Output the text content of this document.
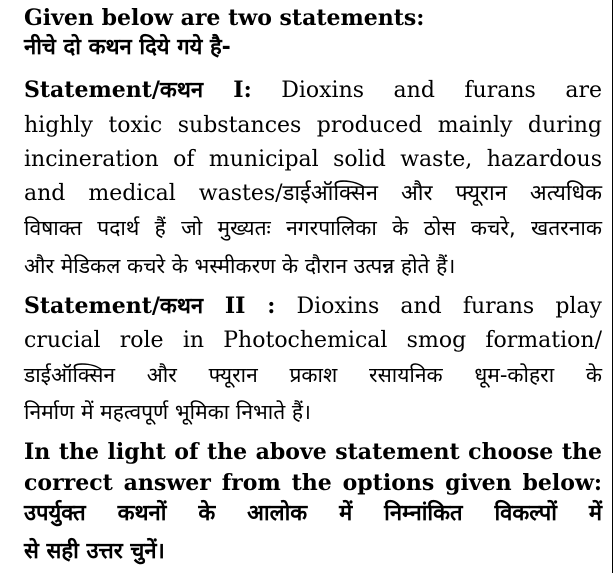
Given below are two statements:
नीचे दो कथन दिये गये है-
Statement/कथन I: Dioxins and furans are
highly toxic substances produced mainly during
incineration of municipal solid waste, hazardous
and medical wastes/डाईऑक्सिन और फ्यूरान अत्यधिक
विषाक्त पदार्थ हैं जो मुख्यतः नगरपालिका के ठोस कचरे, खतरनाक
और मेडिकल कचरे के भस्मीकरण के दौरान उत्पन्न होते हैं।
Statement/कथन II : Dioxins and furans play
crucial role in Photochemical smog formation/
डाईऑक्सिन और फ्यूरान प्रकाश रसायनिक धूम-कोहरा के
निर्माण में महत्वपूर्ण भूमिका निभाते हैं।
In the light of the above statement choose the
correct answer from the options given below:
उपर्युक्त कथनों के आलोक में निम्नांकित विकल्पों में
से सही उत्तर चुनें।
